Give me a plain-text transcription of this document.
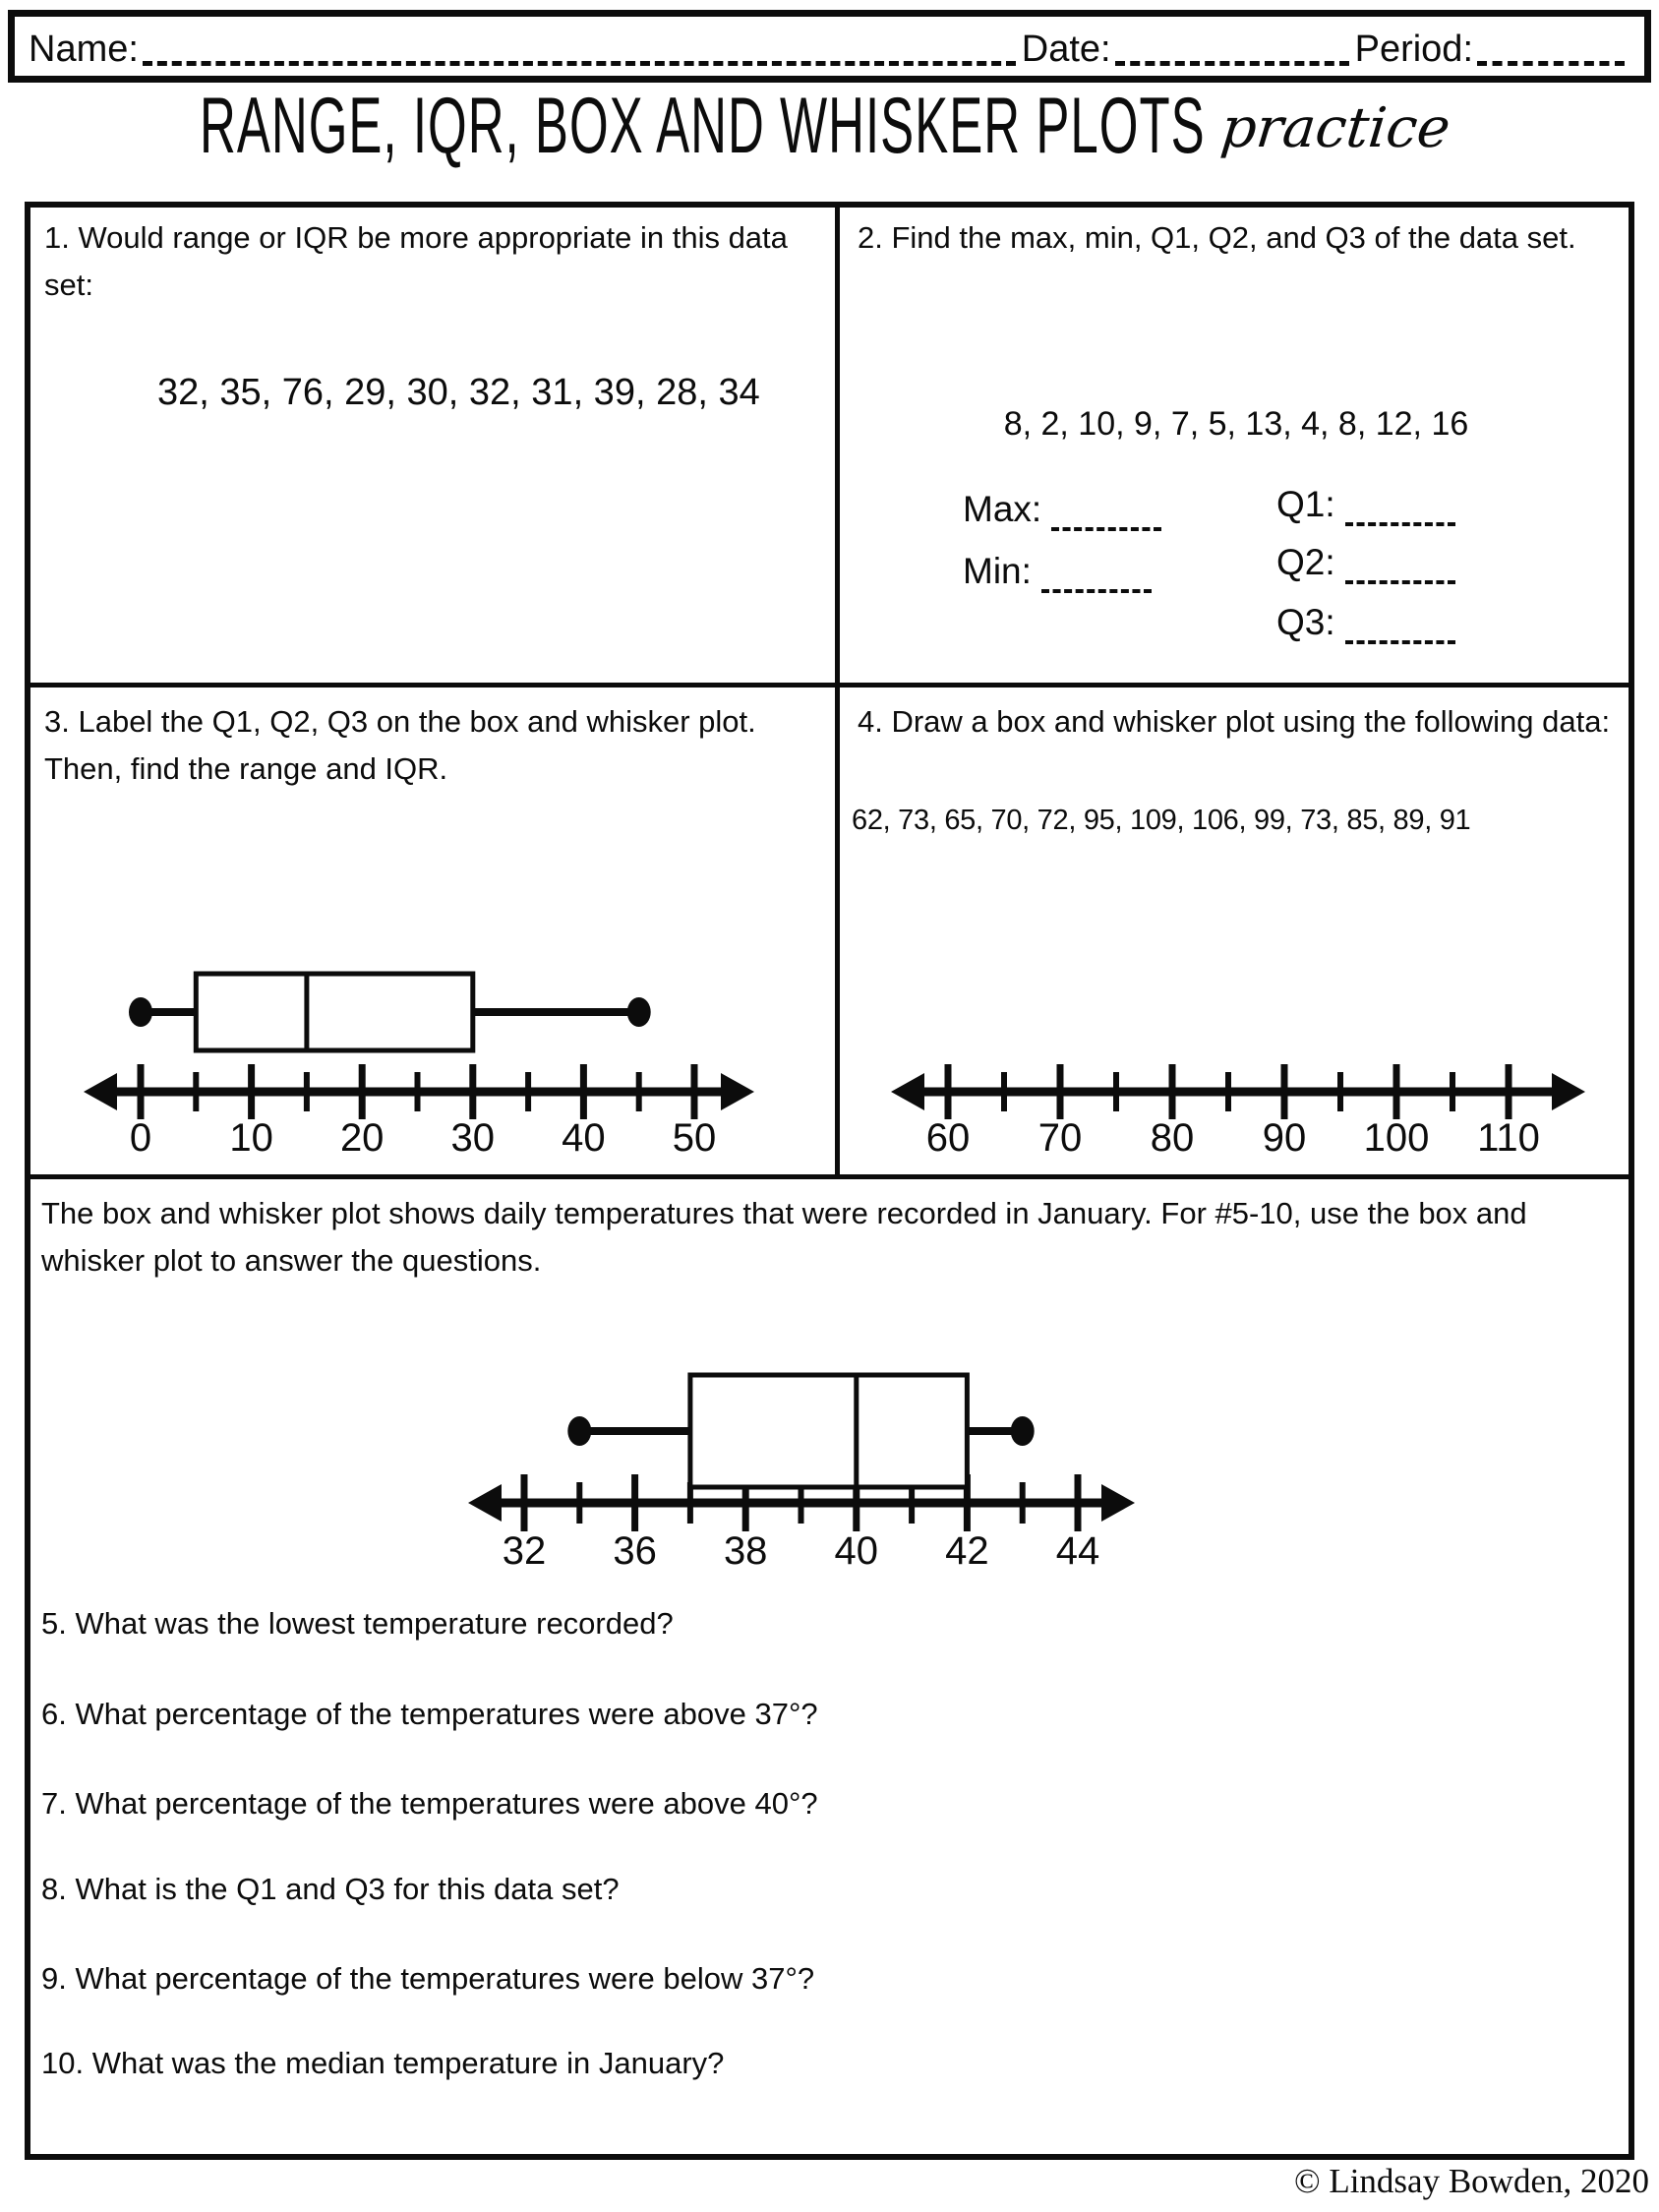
Name:	Date:	Period:
RANGE, IQR, BOX AND WHISKER PLOTS practice
1. Would range or IQR be more appropriate in this data set:
32, 35, 76, 29, 30, 32, 31, 39, 28, 34
2. Find the max, min, Q1, Q2, and Q3 of the data set.
8, 2, 10, 9, 7, 5, 13, 4, 8, 12, 16
Max:
Min:
Q1:
Q2:
Q3:
3. Label the Q1, Q2, Q3 on the box and whisker plot. Then, find the range and IQR.
0 10 20 30 40 50
4. Draw a box and whisker plot using the following data:
62, 73, 65, 70, 72, 95, 109, 106, 99, 73, 85, 89, 91
60 70 80 90 100 110
The box and whisker plot shows daily temperatures that were recorded in January. For #5-10, use the box and whisker plot to answer the questions.
32 36 38 40 42 44
5. What was the lowest temperature recorded?
6. What percentage of the temperatures were above 37°?
7. What percentage of the temperatures were above 40°?
8. What is the Q1 and Q3 for this data set?
9. What percentage of the temperatures were below 37°?
10. What was the median temperature in January?
© Lindsay Bowden, 2020
